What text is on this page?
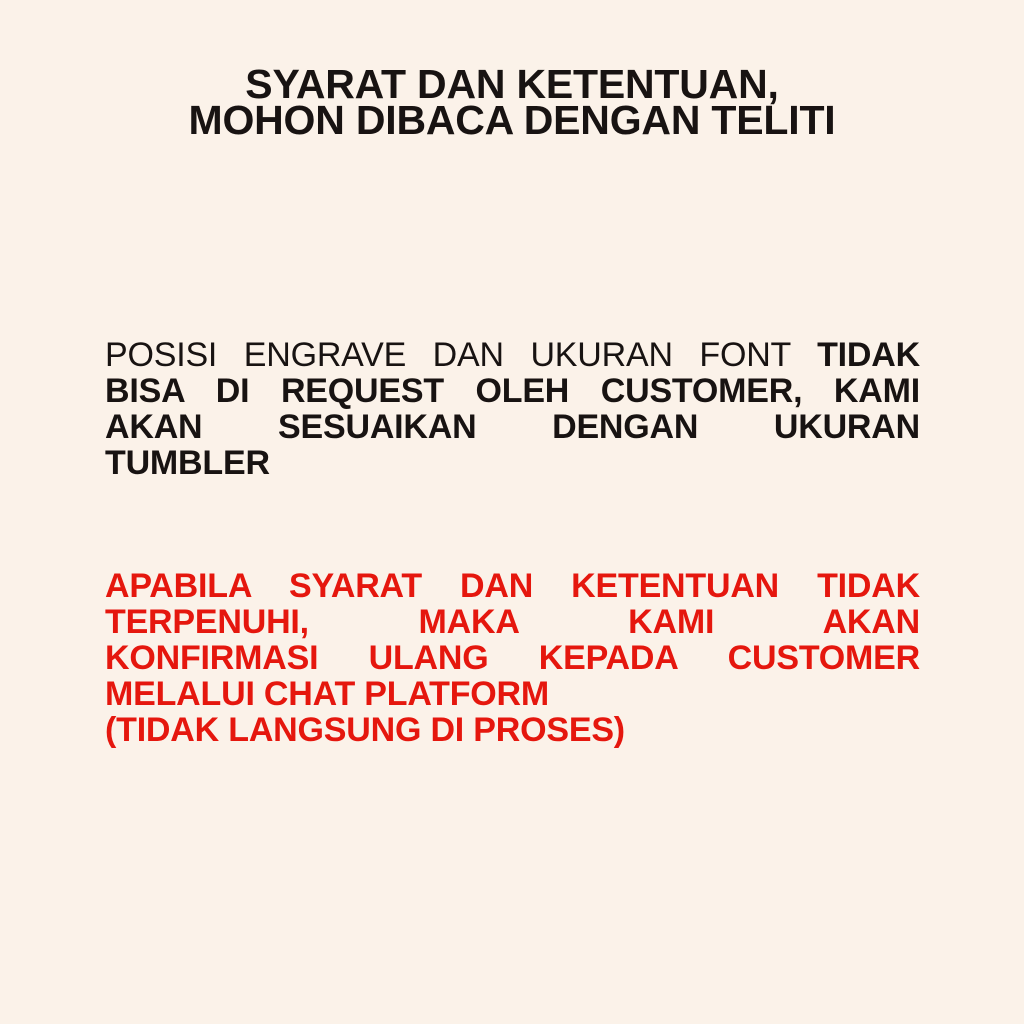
SYARAT DAN KETENTUAN,
MOHON DIBACA DENGAN TELITI
POSISI ENGRAVE DAN UKURAN FONT TIDAK
BISA DI REQUEST OLEH CUSTOMER, KAMI
AKAN SESUAIKAN DENGAN UKURAN
TUMBLER
APABILA SYARAT DAN KETENTUAN TIDAK
TERPENUHI, MAKA KAMI AKAN
KONFIRMASI ULANG KEPADA CUSTOMER
MELALUI CHAT PLATFORM
(TIDAK LANGSUNG DI PROSES)
